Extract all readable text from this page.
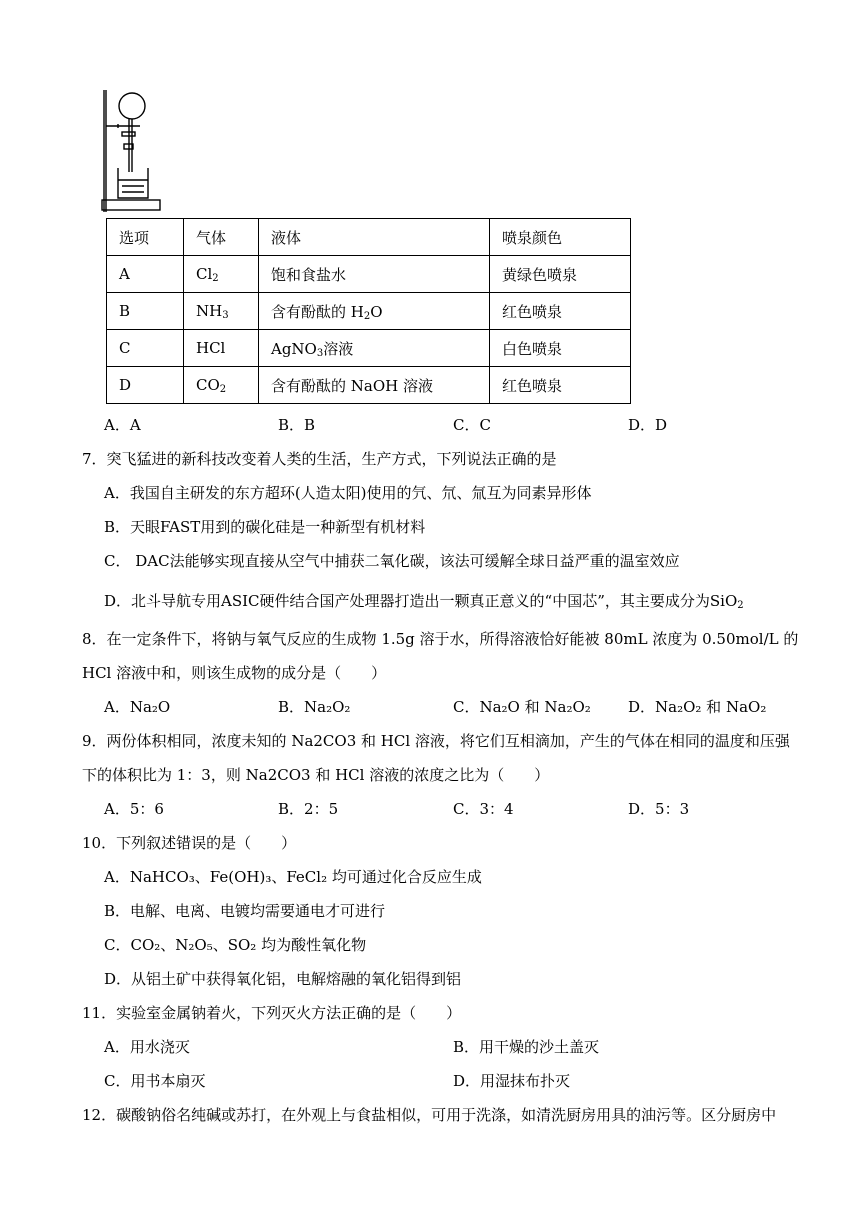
选项	气体	液体	喷泉颜色
A	$Cl_2$	饱和食盐水	黄绿色喷泉
B	$NH_3$	含有酚酞的 $H_2O$	红色喷泉
C	HCl	AgNO$_3$溶液	白色喷泉
D	$CO_2$	含有酚酞的 NaOH 溶液	红色喷泉
A．A	B．B	C．C	D．D
7．突飞猛进的新科技改变着人类的生活，生产方式，下列说法正确的是
A．我国自主研发的东方超环(人造太阳)使用的氕、氘、氚互为同素异形体
B．天眼FAST用到的碳化硅是一种新型有机材料
C． DAC法能够实现直接从空气中捕获二氧化碳，该法可缓解全球日益严重的温室效应
D．北斗导航专用ASIC硬件结合国产处理器打造出一颗真正意义的“中国芯”，其主要成分为SiO$_2$
8．在一定条件下，将钠与氧气反应的生成物 1.5g 溶于水，所得溶液恰好能被 80mL 浓度为 0.50mol/L 的
HCl 溶液中和，则该生成物的成分是（　　）
A．Na₂O	B．Na₂O₂	C．Na₂O 和 Na₂O₂ D．Na₂O₂ 和 NaO₂
9．两份体积相同，浓度未知的 Na2CO3 和 HCl 溶液，将它们互相滴加，产生的气体在相同的温度和压强
下的体积比为 1：3，则 Na2CO3 和 HCl 溶液的浓度之比为（　　）
A．5：6	B．2：5	C．3：4	D．5：3
10．下列叙述错误的是（　　）
A．NaHCO₃、Fe(OH)₃、FeCl₂ 均可通过化合反应生成
B．电解、电离、电镀均需要通电才可进行
C．CO₂、N₂O₅、SO₂ 均为酸性氧化物
D．从铝土矿中获得氧化铝，电解熔融的氧化铝得到铝
11．实验室金属钠着火，下列灭火方法正确的是（　　）
A．用水浇灭	B．用干燥的沙土盖灭
C．用书本扇灭	D．用湿抹布扑灭
12．碳酸钠俗名纯碱或苏打，在外观上与食盐相似，可用于洗涤，如清洗厨房用具的油污等。区分厨房中
